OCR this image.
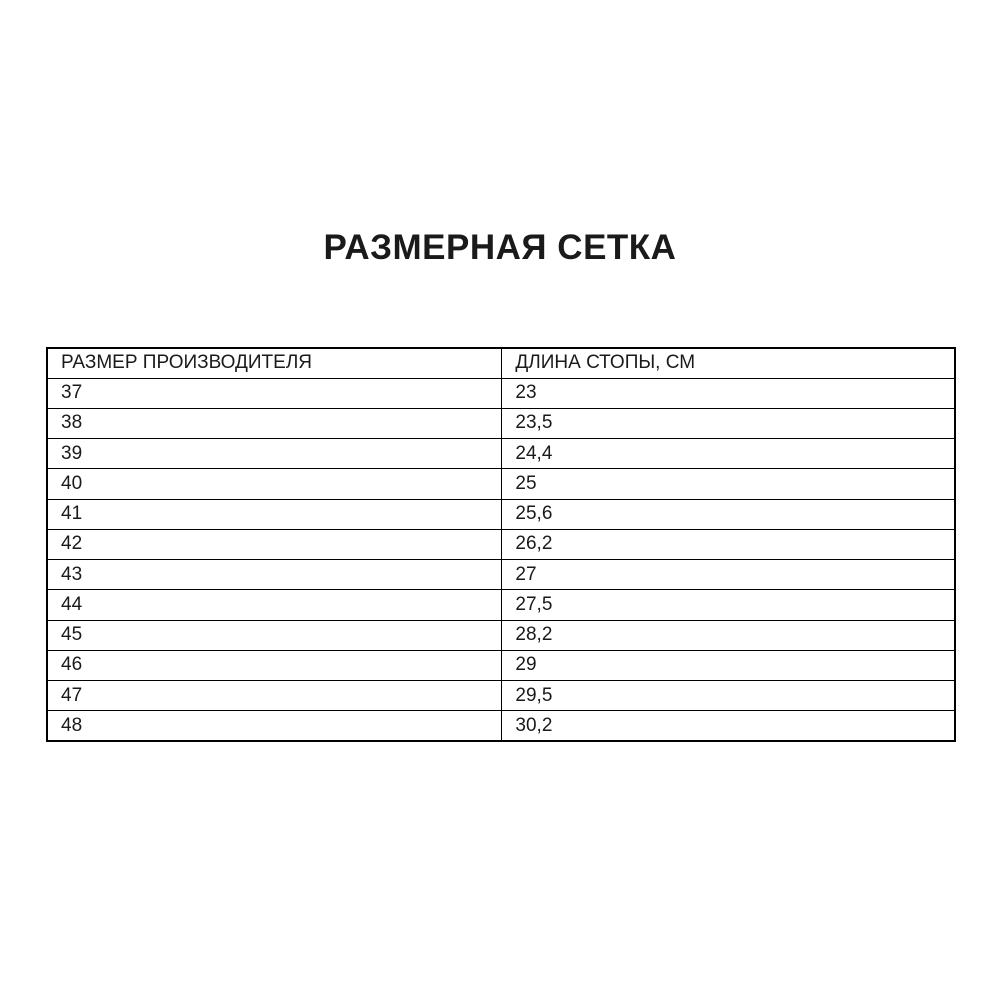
РАЗМЕРНАЯ СЕТКА
РАЗМЕР ПРОИЗВОДИТЕЛЯ	ДЛИНА СТОПЫ, СМ
37	23
38	23,5
39	24,4
40	25
41	25,6
42	26,2
43	27
44	27,5
45	28,2
46	29
47	29,5
48	30,2
